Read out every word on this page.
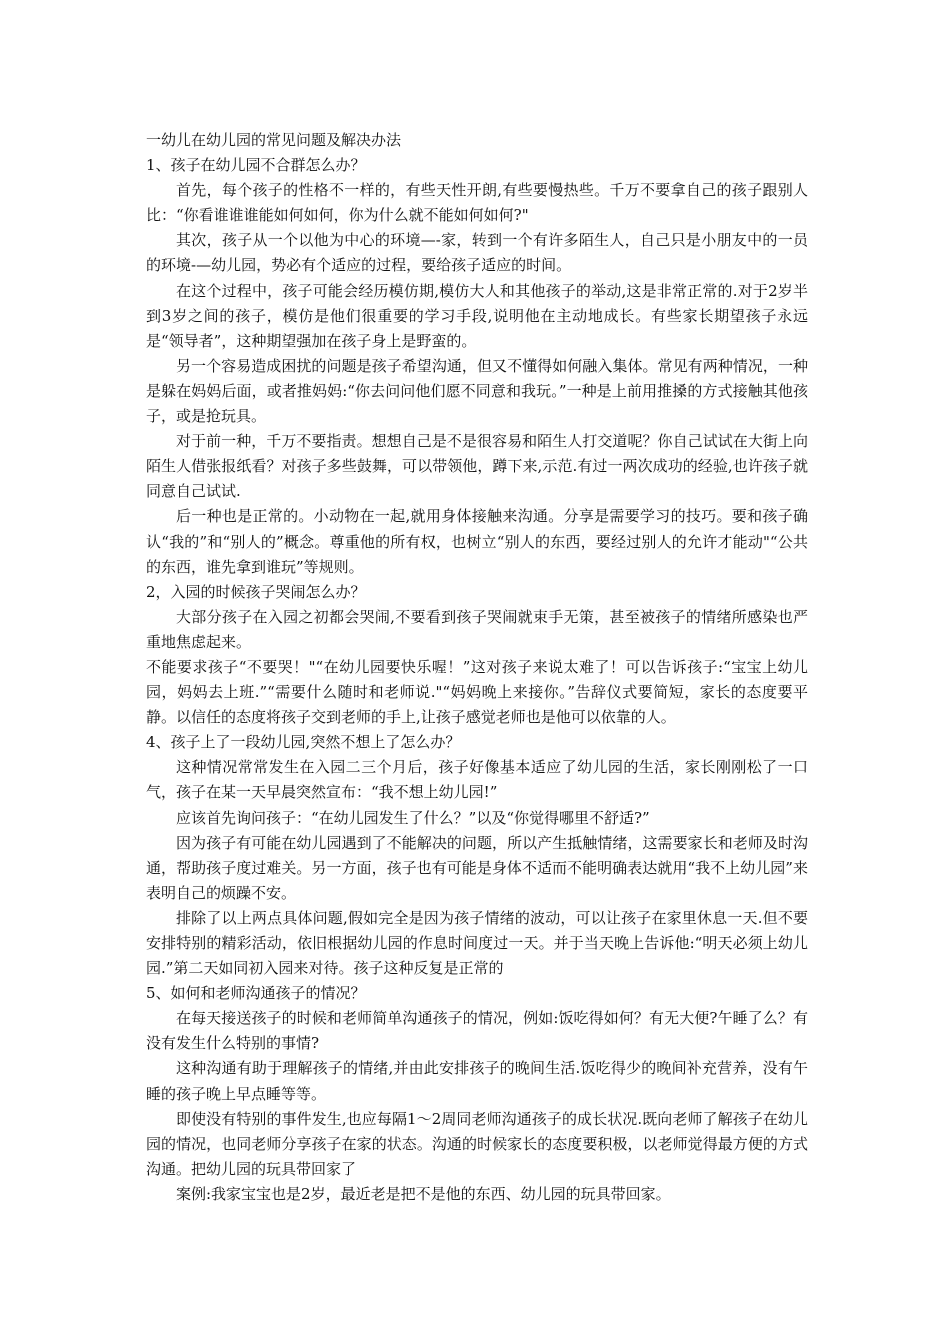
一幼儿在幼儿园的常见问题及解决办法

1、孩子在幼儿园不合群怎么办？

首先，每个孩子的性格不一样的，有些天性开朗,有些要慢热些。千万不要拿自己的孩子跟别人比：“你看谁谁谁能如何如何，你为什么就不能如何如何?"

其次，孩子从一个以他为中心的环境—-家，转到一个有许多陌生人，自己只是小朋友中的一员的环境-—幼儿园，势必有个适应的过程，要给孩子适应的时间。

在这个过程中，孩子可能会经历模仿期,模仿大人和其他孩子的举动,这是非常正常的.对于2岁半到3岁之间的孩子，模仿是他们很重要的学习手段,说明他在主动地成长。有些家长期望孩子永远是“领导者”，这种期望强加在孩子身上是野蛮的。

另一个容易造成困扰的问题是孩子希望沟通，但又不懂得如何融入集体。常见有两种情况，一种是躲在妈妈后面，或者推妈妈:“你去问问他们愿不同意和我玩。”一种是上前用推搡的方式接触其他孩子，或是抢玩具。

对于前一种，千万不要指责。想想自己是不是很容易和陌生人打交道呢？你自己试试在大街上向陌生人借张报纸看？对孩子多些鼓舞，可以带领他，蹲下来,示范.有过一两次成功的经验,也许孩子就同意自己试试.

后一种也是正常的。小动物在一起,就用身体接触来沟通。分享是需要学习的技巧。要和孩子确认“我的”和“别人的”概念。尊重他的所有权，也树立“别人的东西，要经过别人的允许才能动"“公共的东西，谁先拿到谁玩”等规则。

2，入园的时候孩子哭闹怎么办？

大部分孩子在入园之初都会哭闹,不要看到孩子哭闹就束手无策，甚至被孩子的情绪所感染也严重地焦虑起来。

不能要求孩子“不要哭！"“在幼儿园要快乐喔！”这对孩子来说太难了！可以告诉孩子:“宝宝上幼儿园，妈妈去上班.”“需要什么随时和老师说."“妈妈晚上来接你。”告辞仪式要简短，家长的态度要平静。以信任的态度将孩子交到老师的手上,让孩子感觉老师也是他可以依靠的人。

4、孩子上了一段幼儿园,突然不想上了怎么办？

这种情况常常发生在入园二三个月后，孩子好像基本适应了幼儿园的生活，家长刚刚松了一口气，孩子在某一天早晨突然宣布：“我不想上幼儿园!”

应该首先询问孩子：“在幼儿园发生了什么？”以及“你觉得哪里不舒适?”

因为孩子有可能在幼儿园遇到了不能解决的问题，所以产生抵触情绪，这需要家长和老师及时沟通，帮助孩子度过难关。另一方面，孩子也有可能是身体不适而不能明确表达就用“我不上幼儿园”来表明自己的烦躁不安。

排除了以上两点具体问题,假如完全是因为孩子情绪的波动，可以让孩子在家里休息一天.但不要安排特别的精彩活动，依旧根据幼儿园的作息时间度过一天。并于当天晚上告诉他:“明天必须上幼儿园.”第二天如同初入园来对待。孩子这种反复是正常的

5、如何和老师沟通孩子的情况？

在每天接送孩子的时候和老师简单沟通孩子的情况，例如:饭吃得如何？有无大便?午睡了么？有没有发生什么特别的事情?

这种沟通有助于理解孩子的情绪,并由此安排孩子的晚间生活.饭吃得少的晚间补充营养，没有午睡的孩子晚上早点睡等等。

即使没有特别的事件发生,也应每隔1～2周同老师沟通孩子的成长状况.既向老师了解孩子在幼儿园的情况，也同老师分享孩子在家的状态。沟通的时候家长的态度要积极，以老师觉得最方便的方式沟通。把幼儿园的玩具带回家了

案例:我家宝宝也是2岁，最近老是把不是他的东西、幼儿园的玩具带回家。
